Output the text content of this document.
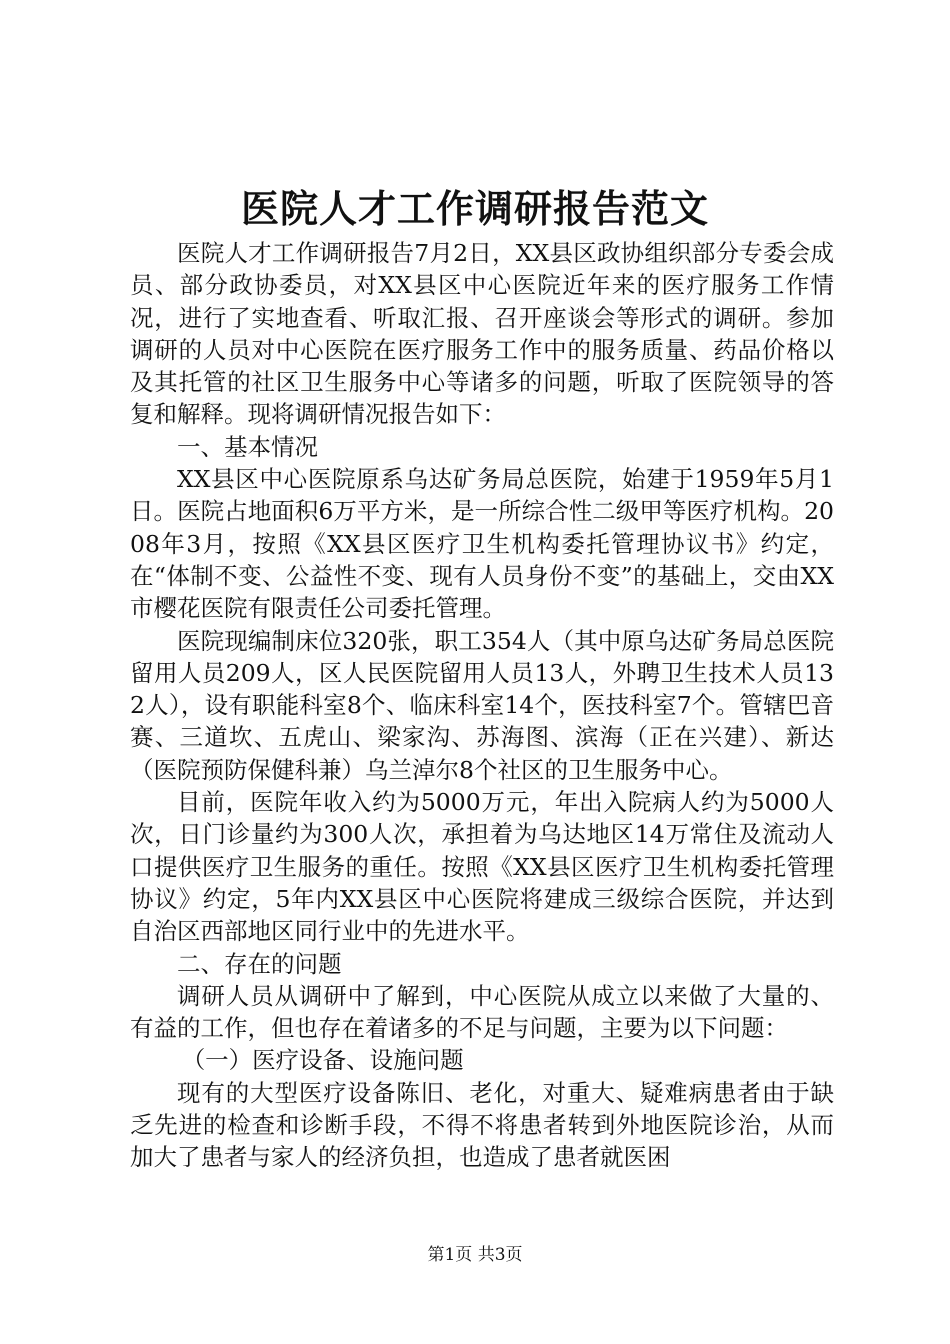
医院人才工作调研报告范文

医院人才工作调研报告7月2日，XX县区政协组织部分专委会成员、部分政协委员，对XX县区中心医院近年来的医疗服务工作情况，进行了实地查看、听取汇报、召开座谈会等形式的调研。参加调研的人员对中心医院在医疗服务工作中的服务质量、药品价格以及其托管的社区卫生服务中心等诸多的问题，听取了医院领导的答复和解释。现将调研情况报告如下：

一、基本情况

XX县区中心医院原系乌达矿务局总医院，始建于1959年5月1日。医院占地面积6万平方米，是一所综合性二级甲等医疗机构。2008年3月，按照《XX县区医疗卫生机构委托管理协议书》约定，在“体制不变、公益性不变、现有人员身份不变”的基础上，交由XX市樱花医院有限责任公司委托管理。

医院现编制床位320张，职工354人（其中原乌达矿务局总医院留用人员209人，区人民医院留用人员13人，外聘卫生技术人员132人），设有职能科室8个、临床科室14个，医技科室7个。管辖巴音赛、三道坎、五虎山、梁家沟、苏海图、滨海（正在兴建）、新达（医院预防保健科兼）乌兰淖尔8个社区的卫生服务中心。

目前，医院年收入约为5000万元，年出入院病人约为5000人次，日门诊量约为300人次，承担着为乌达地区14万常住及流动人口提供医疗卫生服务的重任。按照《XX县区医疗卫生机构委托管理协议》约定，5年内XX县区中心医院将建成三级综合医院，并达到自治区西部地区同行业中的先进水平。

二、存在的问题

调研人员从调研中了解到，中心医院从成立以来做了大量的、有益的工作，但也存在着诸多的不足与问题，主要为以下问题：

（一）医疗设备、设施问题

现有的大型医疗设备陈旧、老化，对重大、疑难病患者由于缺乏先进的检查和诊断手段，不得不将患者转到外地医院诊治，从而加大了患者与家人的经济负担，也造成了患者就医困

第1页 共3页
